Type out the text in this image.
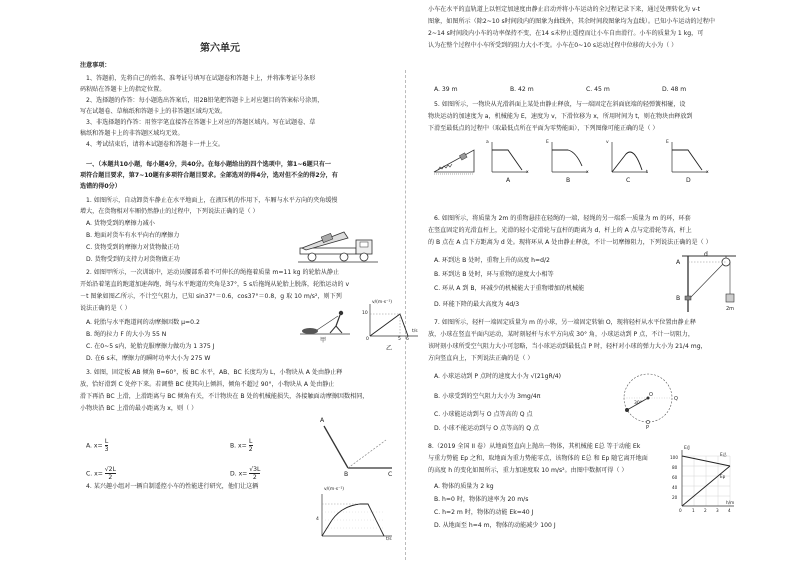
第六单元
注意事项：
1、答题前，先将自己的姓名、准考证号填写在试题卷和答题卡上，并将准考证号条形
码粘贴在答题卡上的指定位置。
2、选择题的作答：每小题选出答案后，用2B铅笔把答题卡上对应题目的答案标号涂黑，
写在试题卷、草稿纸和答题卡上的非答题区域均无效。
3、非选择题的作答：用签字笔直接答在答题卡上对应的答题区域内。写在试题卷、草
稿纸和答题卡上的非答题区域均无效。
4、考试结束后，请将本试题卷和答题卡一并上交。
一、（本题共10小题，每小题4分，共40分。在每小题给出的四个选项中，第1~6题只有一
项符合题目要求，第7~10题有多项符合题目要求。全部选对的得4分，选对但不全的得2分，有
选错的得0分）
1. 如图所示，自动卸货车静止在水平地面上，在液压机的作用下，车厢与水平方向的夹角缓慢
增大，在货物相对车厢仍然静止的过程中，下列说法正确的是（ ）
A. 货物受到的摩擦力减小
B. 地面对货车有水平向右的摩擦力
C. 货物受到的摩擦力对货物做正功
D. 货物受到的支持力对货物做正功
2. 如图甲所示，一次训练中，运动员腰部系着不可伸长的绳拖着质量 m=11 kg 的轮胎从静止
开始沿着笔直的跑道加速奔跑，绳与水平跑道的夹角是37°，5 s后拖绳从轮胎上脱落，轮胎运动的 v
－t 图象如图乙所示，不计空气阻力，已知 sin37°＝0.6，cos37°＝0.8，g 取 10 m/s²，则下列
说法正确的是（ ）
A. 轮胎与水平跑道间的动摩擦因数 μ=0.2
B. 绳的拉力 F 的大小为 55 N
C. 在0~5 s内，轮胎克服摩擦力做功为 1 375 J
D. 在6 s末，摩擦力的瞬时功率大小为 275 W
甲
v/(m·s⁻¹)
10
0	5 6
t/s
乙
3. 如图，固定板 AB 倾角 θ=60°，板 BC 水平，AB、BC 长度均为 L，小物块从 A 处由静止释
放，恰好滑到 C 处停下来。若调整 BC 使其向上倾斜，倾角不超过 90°，小物块从 A 处由静止
滑下再沿 BC 上滑，上滑距离与 BC 倾角有关，不计物块在 B 处的机械能损失，各接触面动摩擦因数相同，
小物块沿 BC 上滑的最小距离为 x，则（ ）
A. $x= \frac{L}{3}$	B. $x= \frac{L}{2}$
C. $x= \frac{√2L}{2}$	D. $x= \frac{√3L}{2}$
A
B	C
4. 某兴趣小组对一辆自制遥控小车的性能进行研究，他们让这辆	v/(m·s⁻¹)
4
t/s
小车在水平的直轨道上以恒定加速度由静止启动并将小车运动的全过程记录下来，通过处理转化为 v-t
图象，如图所示（除2~10 s时间段内的图象为曲线外，其余时间段图象均为直线）。已知小车运动的过程中
2~14 s时间段内小车的功率保持不变，在14 s末停止遥控而让小车自由滑行。小车的质量为 1 kg，可
认为在整个过程中小车所受到的阻力大小不变。小车在0~10 s运动过程中位移的大小为（ ）
A. 39 m	B. 42 m	C. 45 m	D. 48 m
5. 如图所示，一物块从光滑斜面上某处由静止释放，与一端固定在斜面底端的轻弹簧相碰，设
物块运动的加速度为 a，机械能为 E，速度为 v，下滑位移为 x，所用时间为 t，则在物块由释放到
下滑至最低点的过程中（取最低点所在平面为零势能面），下列图像可能正确的是（ ）
a
x
A
E
x
B
v
t
C
E
x
D
6. 如图所示，将质量为 2m 的重物悬挂在轻绳的一端，轻绳的另一端系一质量为 m 的环，环套
在竖直固定的光滑直杆上，光滑的轻小定滑轮与直杆的距离为 d，杆上的 A 点与定滑轮等高，杆上
的 B 点在 A 点下方距离为 d 处。现将环从 A 处由静止释放，不计一切摩擦阻力，下列说法正确的是（ ）
A. 环到达 B 处时，重物上升的高度 h=d/2
B. 环到达 B 处时，环与重物的速度大小相等
C. 环从 A 到 B，环减少的机械能大于重物增加的机械能
D. 环能下降的最大高度为 4d/3
A
d
B
2m
7. 如图所示，轻杆一端固定质量为 m 的小球，另一端固定转轴 O，现将轻杆从水平位置由静止释
放，小球在竖直平面内运动，某时刻轻杆与水平方向成 30° 角，小球运动到 P 点，不计一切阻力，
该时刻小球所受空气阻力大小可忽略，当小球运动到最低点 P 时，轻杆对小球的弹力大小为 21/4 mg，
方向竖直向上，下列说法正确的是（ ）
A. 小球运动到 P 点时的速度大小为 √(21gR/4)
B. 小球受到的空气阻力大小为 3mg/4π
C. 小球能运动到与 O 点等高的 Q 点
D. 小球不能运动到与 O 点等高的 Q 点
O
Q
P
30°
8.（2019 全国 II 卷）从地面竖直向上抛出一物体，其机械能 E总 等于动能 Ek
与重力势能 Ep 之和，取地面为重力势能零点，该物体的 E总 和 Ep 随它离开地面
的高度 h 的变化如图所示，重力加速度取 10 m/s²。由图中数据可得（ ）
A. 物体的质量为 2 kg
B. h=0 时，物体的速率为 20 m/s
C. h=2 m 时，物体的动能 Ek=40 J
D. 从地面至 h=4 m，物体的动能减少 100 J
E/J
100
80
60
40
20
0 1 2 3 4
E总
Ep
h/m
